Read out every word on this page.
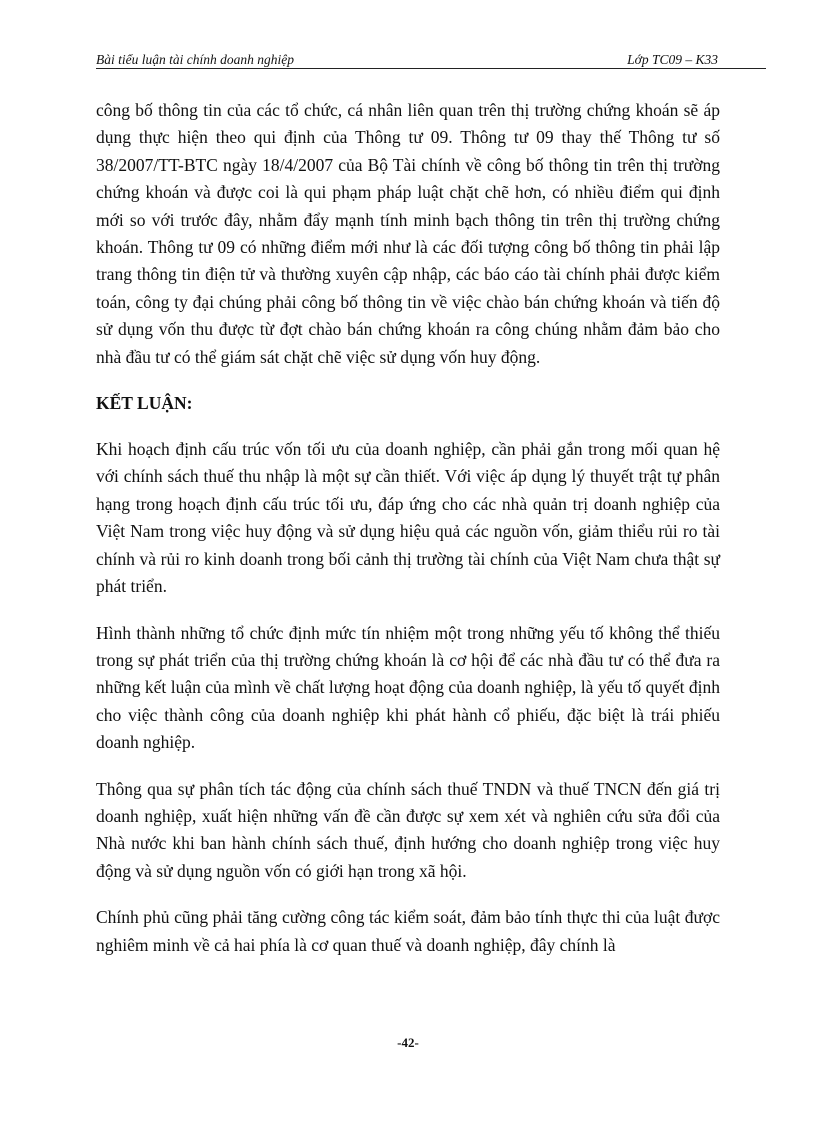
Bài tiểu luận tài chính doanh nghiệp	Lớp TC09 – K33

công bố thông tin của các tổ chức, cá nhân liên quan trên thị trường chứng khoán sẽ áp dụng thực hiện theo qui định của Thông tư 09. Thông tư 09 thay thế Thông tư số 38/2007/TT-BTC ngày 18/4/2007 của Bộ Tài chính về công bố thông tin trên thị trường chứng khoán và được coi là qui phạm pháp luật chặt chẽ hơn, có nhiều điểm qui định mới so với trước đây, nhằm đẩy mạnh tính minh bạch thông tin trên thị trường chứng khoán. Thông tư 09 có những điểm mới như là các đối tượng công bố thông tin phải lập trang thông tin điện tử và thường xuyên cập nhập, các báo cáo tài chính phải được kiểm toán, công ty đại chúng phải công bố thông tin về việc chào bán chứng khoán và tiến độ sử dụng vốn thu được từ đợt chào bán chứng khoán ra công chúng nhằm đảm bảo cho nhà đầu tư có thể giám sát chặt chẽ việc sử dụng vốn huy động.

KẾT LUẬN:

Khi hoạch định cấu trúc vốn tối ưu của doanh nghiệp, cần phải gắn trong mối quan hệ với chính sách thuế thu nhập là một sự cần thiết. Với việc áp dụng lý thuyết trật tự phân hạng trong hoạch định cấu trúc tối ưu, đáp ứng cho các nhà quản trị doanh nghiệp của Việt Nam trong việc huy động và sử dụng hiệu quả các nguồn vốn, giảm thiểu rủi ro tài chính và rủi ro kinh doanh trong bối cảnh thị trường tài chính của Việt Nam chưa thật sự phát triển.

Hình thành những tổ chức định mức tín nhiệm một trong những yếu tố không thể thiếu trong sự phát triển của thị trường chứng khoán là cơ hội để các nhà đầu tư có thể đưa ra những kết luận của mình về chất lượng hoạt động của doanh nghiệp, là yếu tố quyết định cho việc thành công của doanh nghiệp khi phát hành cổ phiếu, đặc biệt là trái phiếu doanh nghiệp.

Thông qua sự phân tích tác động của chính sách thuế TNDN và thuế TNCN đến giá trị doanh nghiệp, xuất hiện những vấn đề cần được sự xem xét và nghiên cứu sửa đổi của Nhà nước khi ban hành chính sách thuế, định hướng cho doanh nghiệp trong việc huy động và sử dụng nguồn vốn có giới hạn trong xã hội.

Chính phủ cũng phải tăng cường công tác kiểm soát, đảm bảo tính thực thi của luật được nghiêm minh về cả hai phía là cơ quan thuế và doanh nghiệp, đây chính là

-42-
